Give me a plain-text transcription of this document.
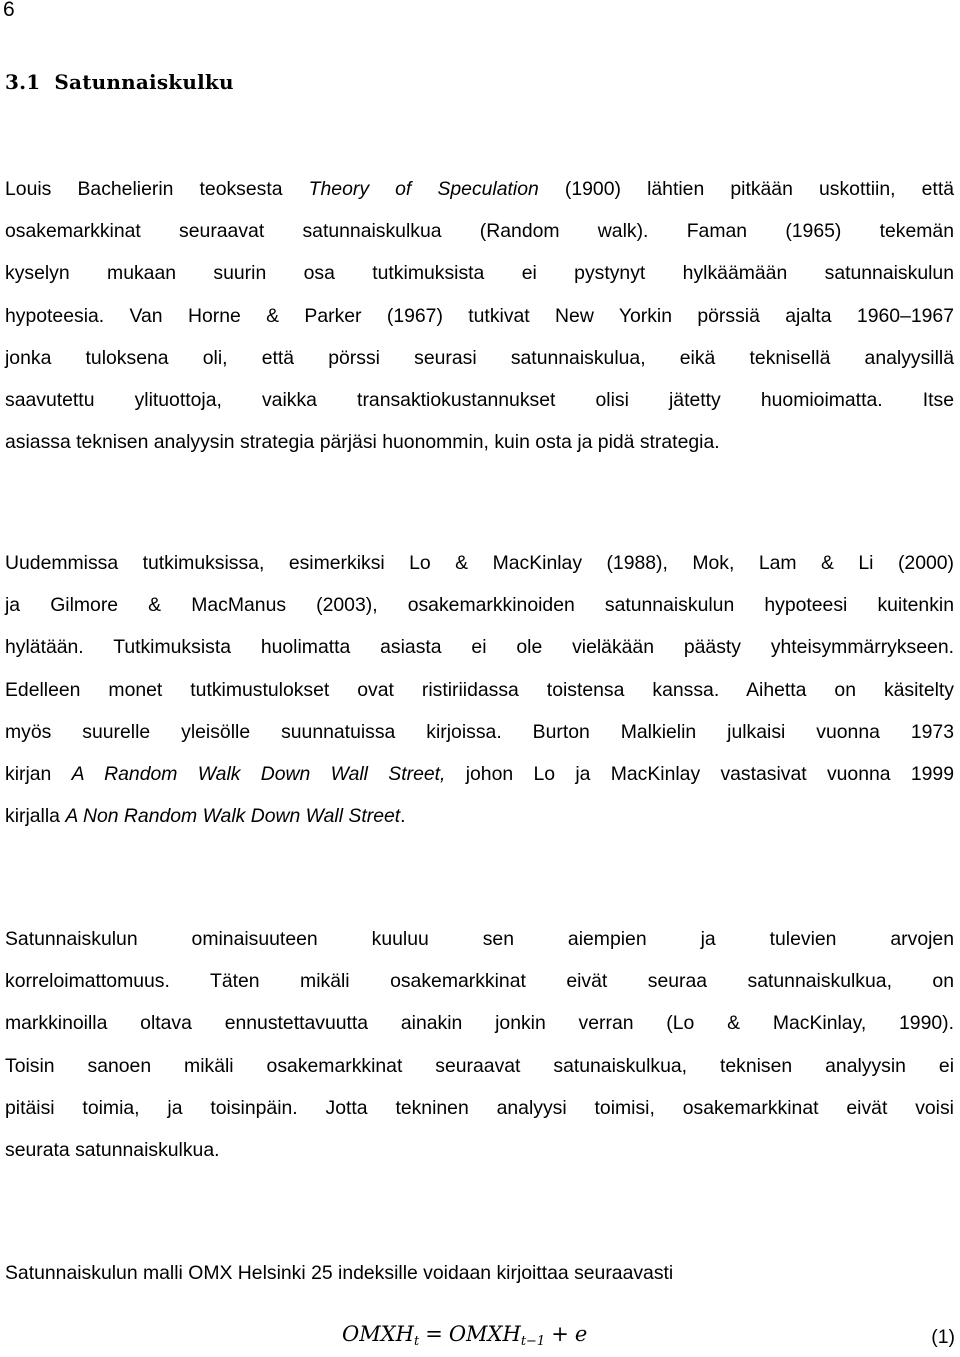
6
3.1 Satunnaiskulku
Louis Bachelierin teoksesta Theory of Speculation (1900) lähtien pitkään uskottiin, että
osakemarkkinat seuraavat satunnaiskulkua (Random walk). Faman (1965) tekemän
kyselyn mukaan suurin osa tutkimuksista ei pystynyt hylkäämään satunnaiskulun
hypoteesia. Van Horne & Parker (1967) tutkivat New Yorkin pörssiä ajalta 1960–1967
jonka tuloksena oli, että pörssi seurasi satunnaiskulua, eikä teknisellä analyysillä
saavutettu ylituottoja, vaikka transaktiokustannukset olisi jätetty huomioimatta. Itse
asiassa teknisen analyysin strategia pärjäsi huonommin, kuin osta ja pidä strategia.
Uudemmissa tutkimuksissa, esimerkiksi Lo & MacKinlay (1988), Mok, Lam & Li (2000)
ja Gilmore & MacManus (2003), osakemarkkinoiden satunnaiskulun hypoteesi kuitenkin
hylätään. Tutkimuksista huolimatta asiasta ei ole vieläkään päästy yhteisymmärrykseen.
Edelleen monet tutkimustulokset ovat ristiriidassa toistensa kanssa. Aihetta on käsitelty
myös suurelle yleisölle suunnatuissa kirjoissa. Burton Malkielin julkaisi vuonna 1973
kirjan A Random Walk Down Wall Street, johon Lo ja MacKinlay vastasivat vuonna 1999
kirjalla A Non Random Walk Down Wall Street.
Satunnaiskulun ominaisuuteen kuuluu sen aiempien ja tulevien arvojen
korreloimattomuus. Täten mikäli osakemarkkinat eivät seuraa satunnaiskulkua, on
markkinoilla oltava ennustettavuutta ainakin jonkin verran (Lo & MacKinlay, 1990).
Toisin sanoen mikäli osakemarkkinat seuraavat satunaiskulkua, teknisen analyysin ei
pitäisi toimia, ja toisinpäin. Jotta tekninen analyysi toimisi, osakemarkkinat eivät voisi
seurata satunnaiskulkua.
Satunnaiskulun malli OMX Helsinki 25 indeksille voidaan kirjoittaa seuraavasti
$OMXH_t$ = $OMXH_{t-1} + e$	(1)
